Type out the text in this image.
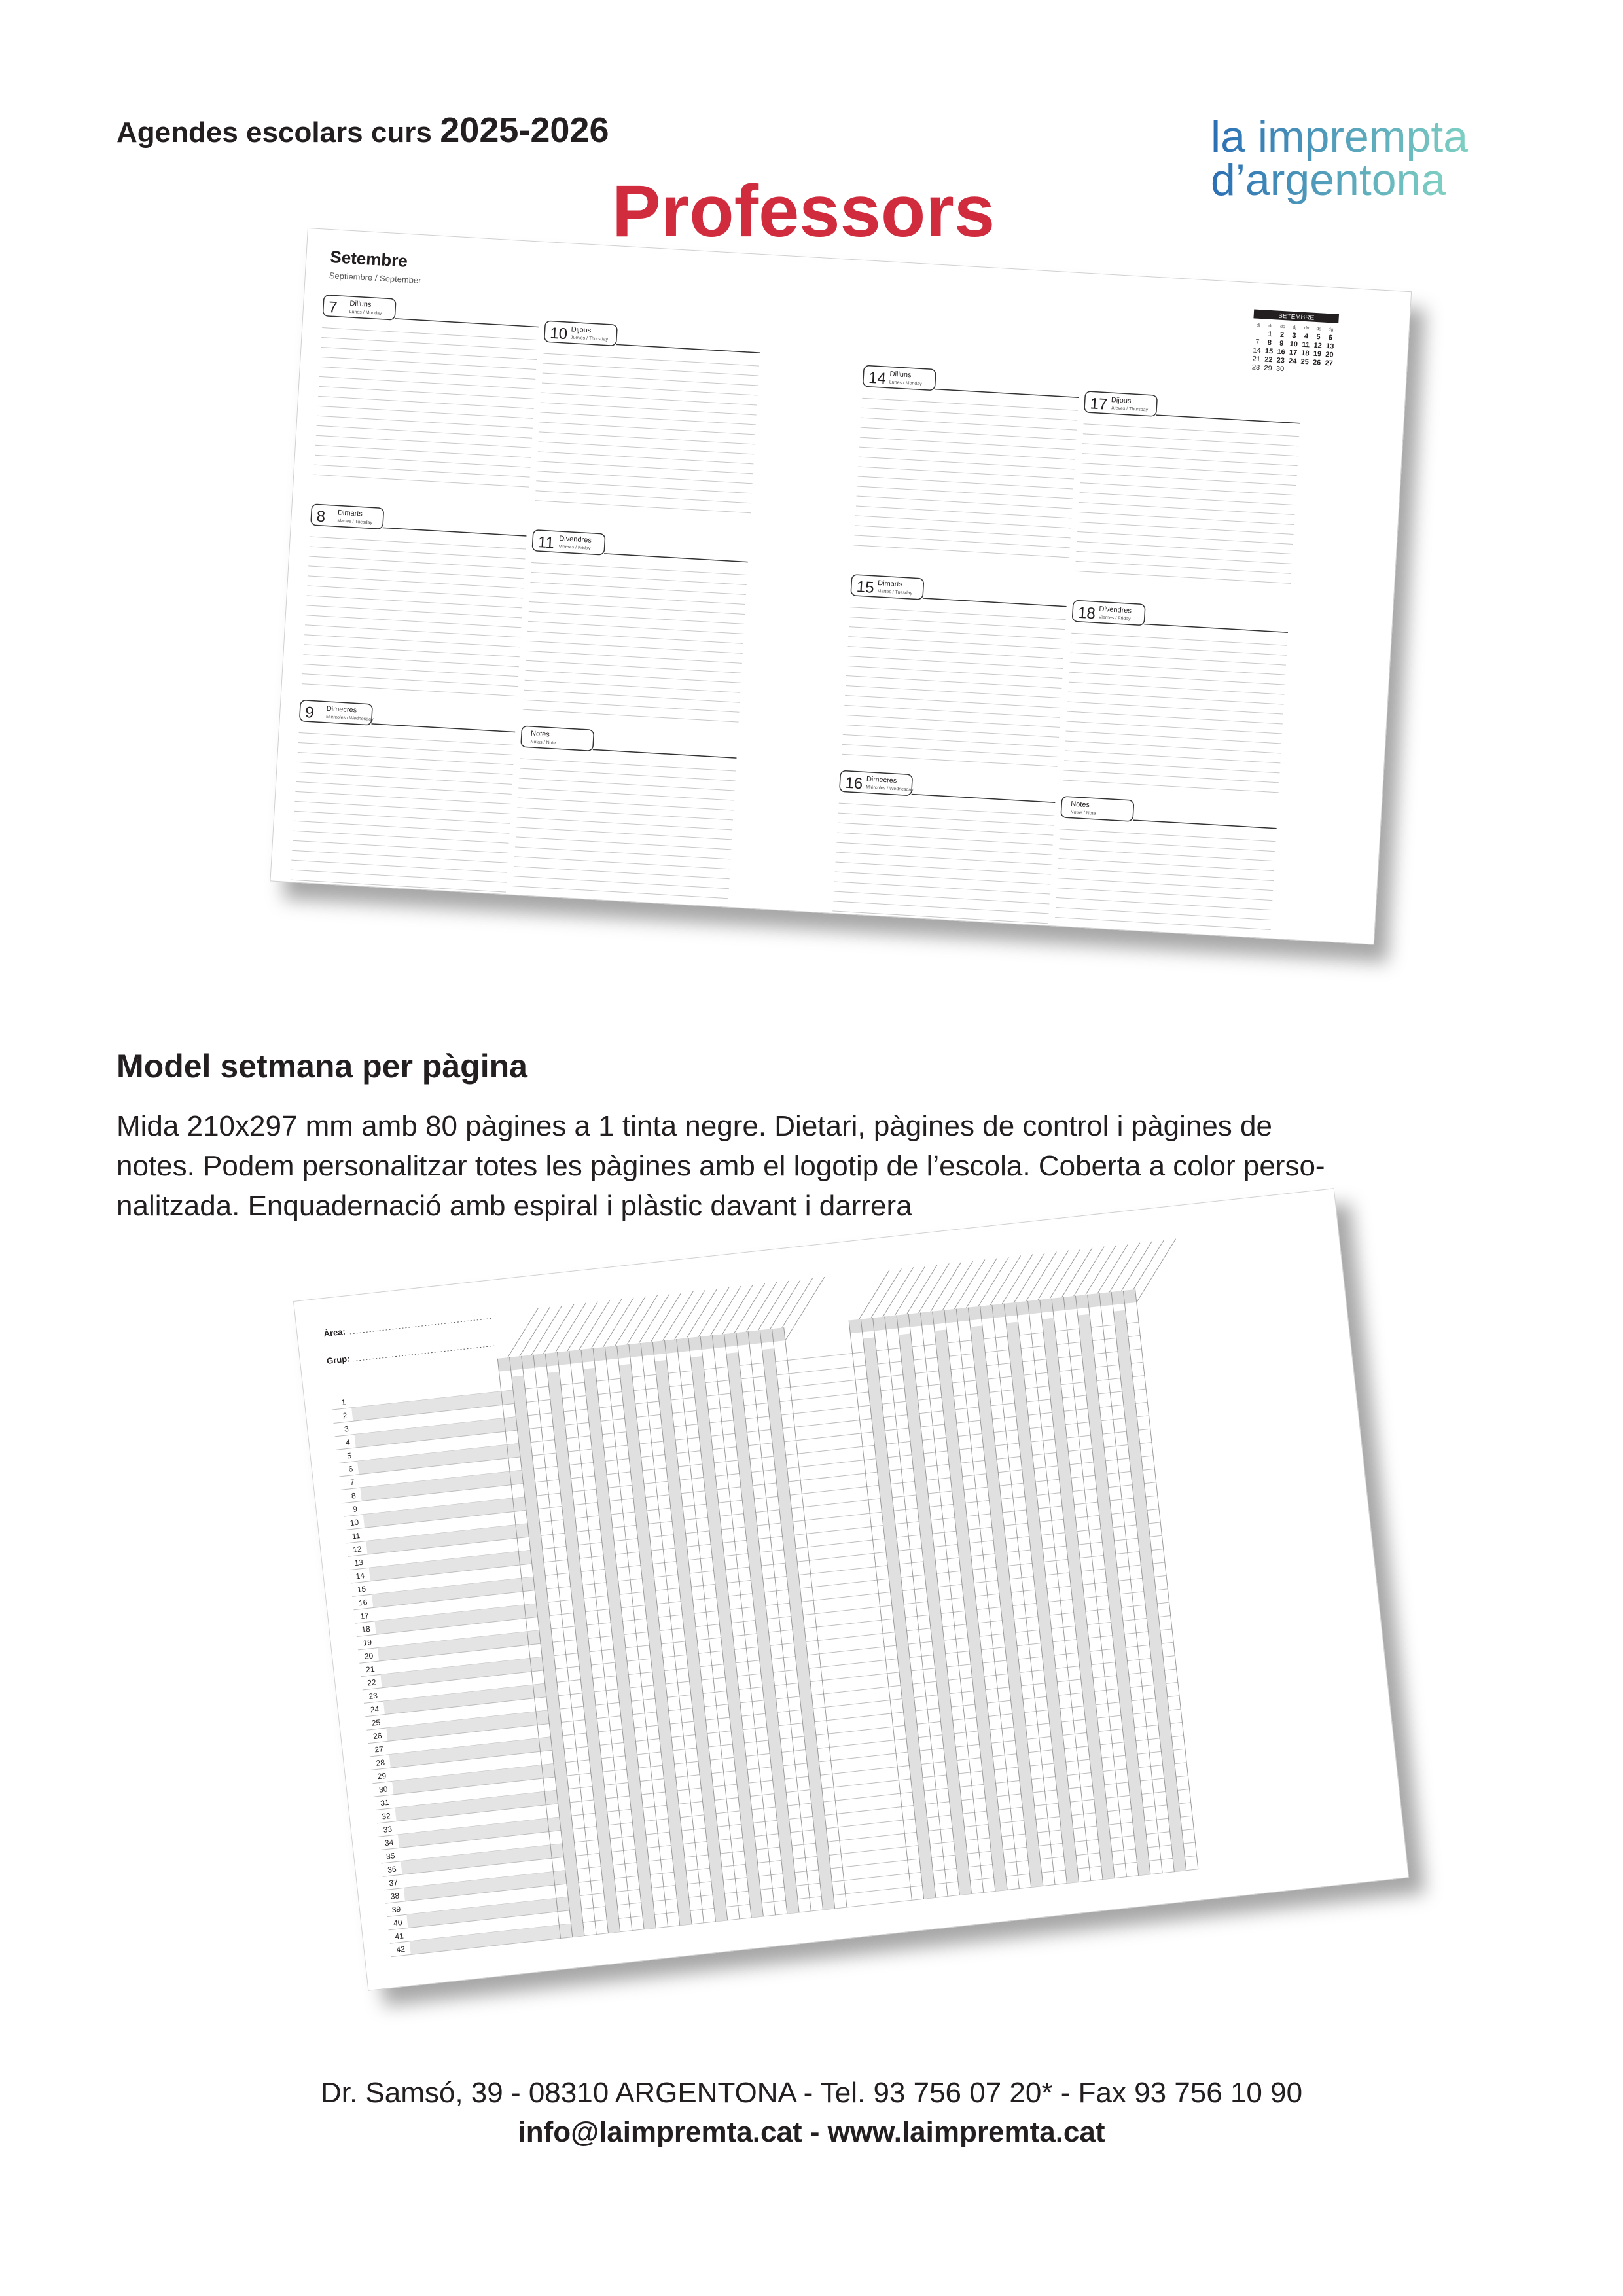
Agendes escolars curs 2025-2026
Professors
la imprempta
d’argentona
Setembre
Septiembre / September
7 Dilluns
Lunes / Monday
8 Dimarts
Martes / Tuesday
9 Dimecres
Miércoles / Wednesday
10 Dijous
Jueves / Thursday
11 Divendres
Viernes / Friday
Notes
Notas / Note
14 Dilluns
Lunes / Monday
15 Dimarts
Martes / Tuesday
16 Dimecres
Miércoles / Wednesday
17 Dijous
Jueves / Thursday
18 Divendres
Viernes / Friday
Notes
Notas / Note
SETEMBRE
dl dt dc dj dv ds dg
1 2 3 4 5 6
7 8 9 10 11 12 13
14 15 16 17 18 19 20
21 22 23 24 25 26 27
28 29 30
Model setmana per pàgina

Mida 210x297 mm amb 80 pàgines a 1 tinta negre. Dietari, pàgines de control i pàgines de

notes. Podem personalitzar totes les pàgines amb el logotip de l’escola. Coberta a color perso-

nalitzada. Enquadernació amb espiral i plàstic davant i darrera

Àrea:
Grup:
1
2
3
4
5
6
7
8
9
10
11
12
13
14
15
16
17
18
19
20
21
22
23
24
25
26
27
28
29
30
31
32
33
34
35
36
37
38
39
40
41
42
Dr. Samsó, 39 - 08310 ARGENTONA - Tel. 93 756 07 20* - Fax 93 756 10 90
info@laimpremta.cat - www.laimpremta.cat
